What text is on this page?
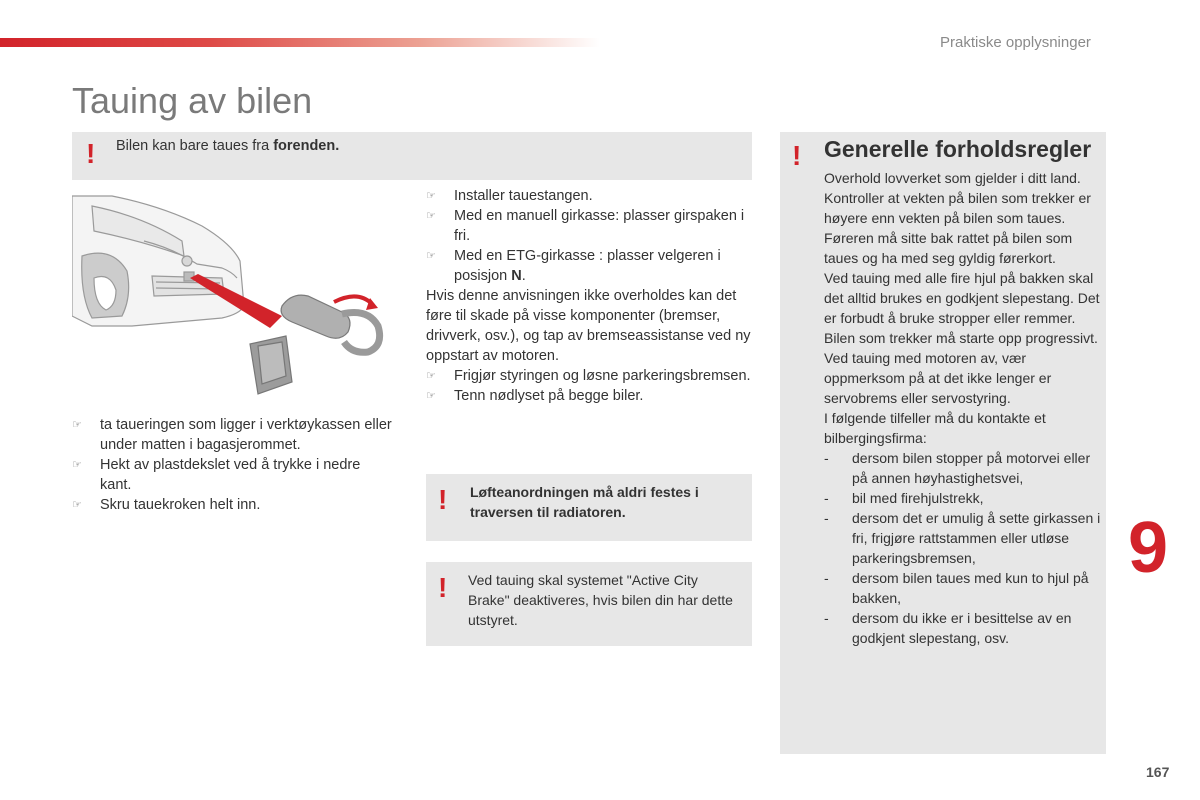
Praktiske opplysninger
Tauing av bilen
! Bilen kan bare taues fra forenden.
☞ ta taueringen som ligger i verktøykassen eller under matten i bagasjerommet.
☞ Hekt av plastdekslet ved å trykke i nedre kant.
☞ Skru tauekroken helt inn.
☞ Installer tauestangen.
☞ Med en manuell girkasse: plasser girspaken i fri.
☞ Med en ETG-girkasse : plasser velgeren i posisjon N.
Hvis denne anvisningen ikke overholdes kan det føre til skade på visse komponenter (bremser, drivverk, osv.), og tap av bremseassistanse ved ny oppstart av motoren.
☞ Frigjør styringen og løsne parkeringsbremsen.
☞ Tenn nødlyset på begge biler.
! Løfteanordningen må aldri festes i traversen til radiatoren.
! Ved tauing skal systemet "Active City Brake" deaktiveres, hvis bilen din har dette utstyret.
! Generelle forholdsregler
Overhold lovverket som gjelder i ditt land.
Kontroller at vekten på bilen som trekker er høyere enn vekten på bilen som taues.
Føreren må sitte bak rattet på bilen som taues og ha med seg gyldig førerkort.
Ved tauing med alle fire hjul på bakken skal det alltid brukes en godkjent slepestang. Det er forbudt å bruke stropper eller remmer.
Bilen som trekker må starte opp progressivt.
Ved tauing med motoren av, vær oppmerksom på at det ikke lenger er servobrems eller servostyring.
I følgende tilfeller må du kontakte et bilbergingsfirma:
- dersom bilen stopper på motorvei eller på annen høyhastighetsvei,
- bil med firehjulstrekk,
- dersom det er umulig å sette girkassen i fri, frigjøre rattstammen eller utløse parkeringsbremsen,
- dersom bilen taues med kun to hjul på bakken,
- dersom du ikke er i besittelse av en godkjent slepestang, osv.
9
167
